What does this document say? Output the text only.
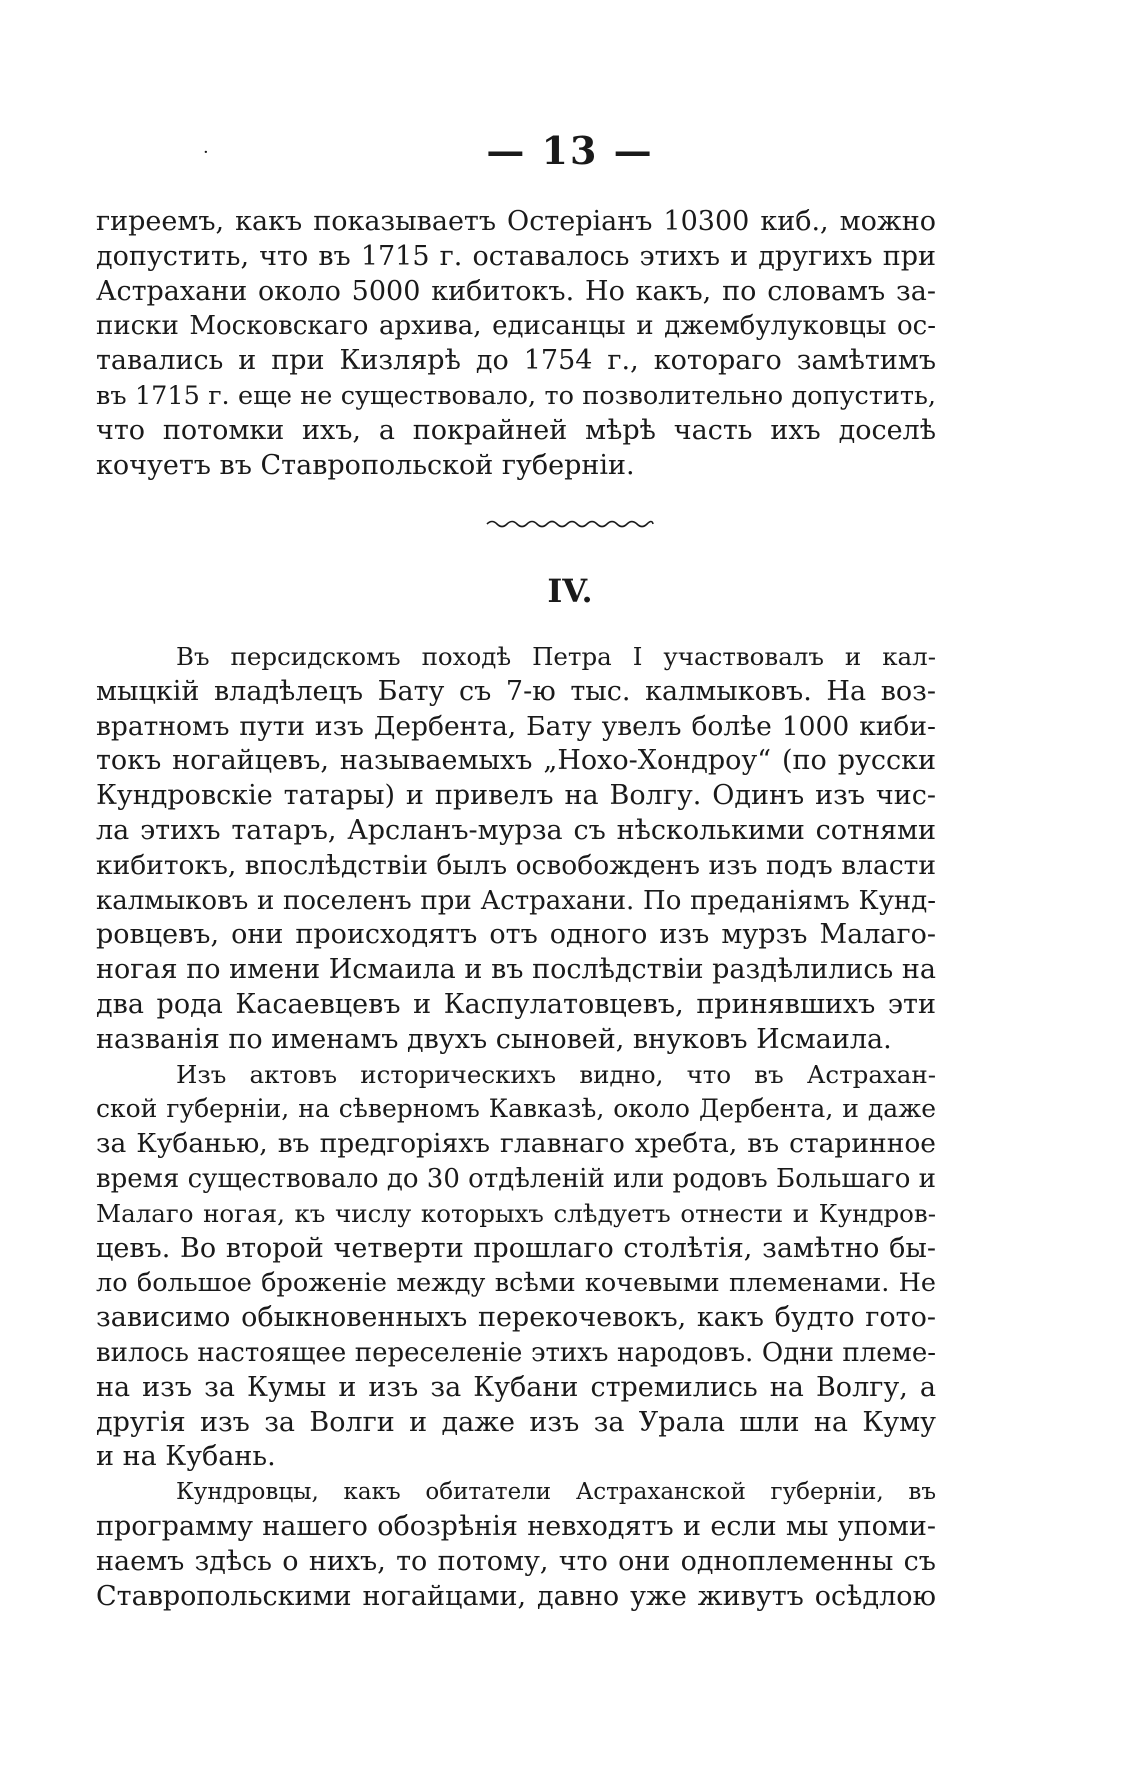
·	— 13 —
гиреемъ, какъ показываетъ Остеріанъ 10300 киб., можно
допустить, что въ 1715 г. оставалось этихъ и другихъ при
Астрахани около 5000 кибитокъ. Но какъ, по словамъ за-
писки Московскаго архива, едисанцы и джембулуковцы ос-
тавались и при Кизлярѣ до 1754 г., котораго замѣтимъ
въ 1715 г. еще не существовало, то позволительно допустить,
что потомки ихъ, а покрайней мѣрѣ часть ихъ доселѣ
кочуетъ въ Ставропольской губерніи.
IV.
Въ персидскомъ походѣ Петра I участвовалъ и кал-
мыцкій владѣлецъ Бату съ 7-ю тыс. калмыковъ. На воз-
вратномъ пути изъ Дербента, Бату увелъ болѣе 1000 киби-
токъ ногайцевъ, называемыхъ „Нохо-Хондроу“ (по русски
Кундровскіе татары) и привелъ на Волгу. Одинъ изъ чис-
ла этихъ татаръ, Арсланъ-мурза съ нѣсколькими сотнями
кибитокъ, впослѣдствіи былъ освобожденъ изъ подъ власти
калмыковъ и поселенъ при Астрахани. По преданіямъ Кунд-
ровцевъ, они происходятъ отъ одного изъ мурзъ Малаго-
ногая по имени Исмаила и въ послѣдствіи раздѣлились на
два рода Касаевцевъ и Каспулатовцевъ, принявшихъ эти
названія по именамъ двухъ сыновей, внуковъ Исмаила.
Изъ актовъ историческихъ видно, что въ Астрахан-
ской губерніи, на сѣверномъ Кавказѣ, около Дербента, и даже
за Кубанью, въ предгоріяхъ главнаго хребта, въ старинное
время существовало до 30 отдѣленій или родовъ Большаго и
Малаго ногая, къ числу которыхъ слѣдуетъ отнести и Кундров-
цевъ. Во второй четверти прошлаго столѣтія, замѣтно бы-
ло большое броженіе между всѣми кочевыми племенами. Не
зависимо обыкновенныхъ перекочевокъ, какъ будто гото-
вилось настоящее переселеніе этихъ народовъ. Одни племе-
на изъ за Кумы и изъ за Кубани стремились на Волгу, а
другія изъ за Волги и даже изъ за Урала шли на Куму
и на Кубань.
Кундровцы, какъ обитатели Астраханской губерніи, въ
программу нашего обозрѣнія невходятъ и если мы упоми-
наемъ здѣсь о нихъ, то потому, что они одноплеменны съ
Ставропольскими ногайцами, давно уже живутъ осѣдлою
